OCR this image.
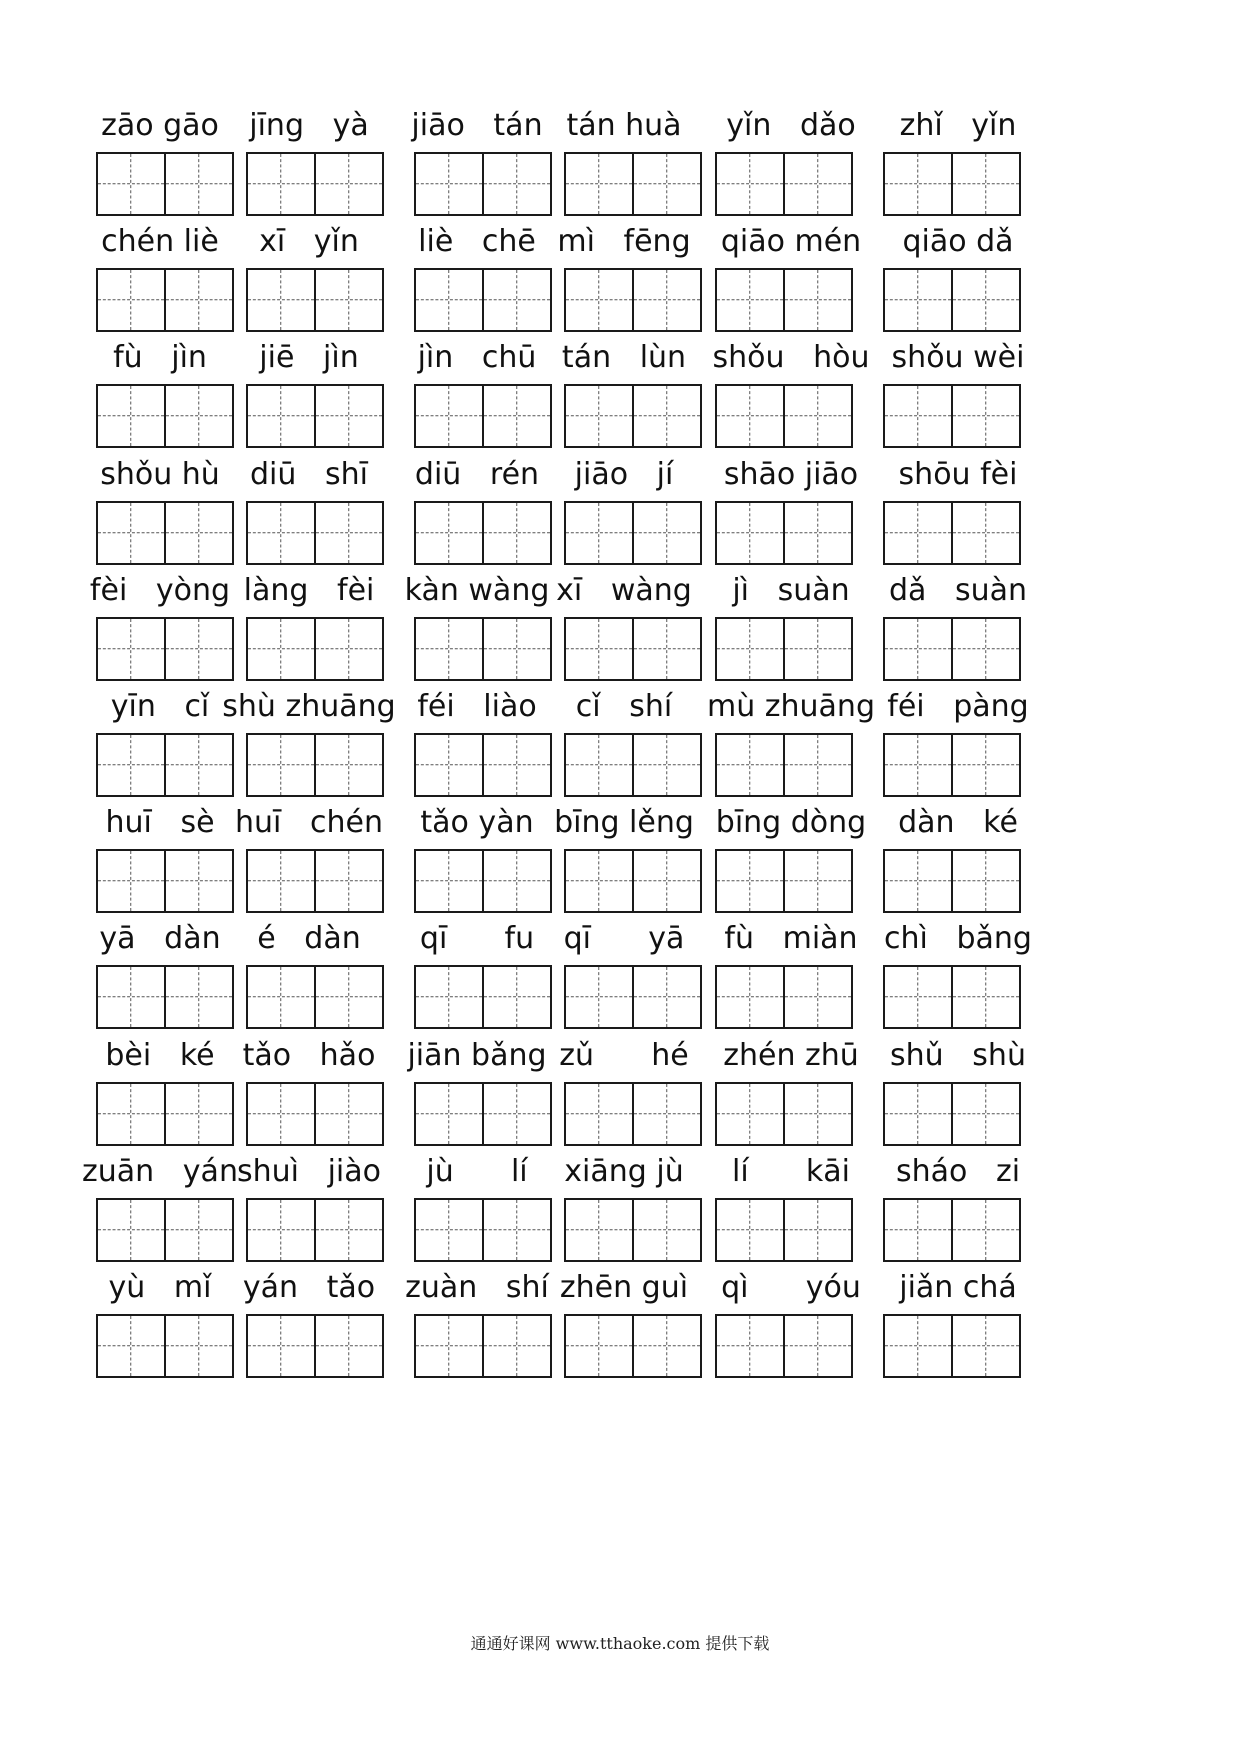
zāo gāo jīng   yà jiāo   tán tán huà yǐn   dǎo zhǐ   yǐn
chén liè xī   yǐn liè   chē mì   fēng qiāo mén qiāo dǎ
fù   jìn jiē   jìn jìn   chū tán   lùn shǒu   hòu shǒu wèi
shǒu hù diū   shī diū   rén jiāo   jí shāo jiāo shōu fèi
fèi   yòng làng   fèi kàn wàng xī   wàng jì   suàn dǎ   suàn
yīn   cǐ shù zhuāng féi   liào cǐ   shí mù zhuāng féi   pàng
huī   sè huī   chén tǎo yàn bīng lěng bīng dòng dàn   ké
yā   dàn é   dàn qī      fu qī      yā fù   miàn chì   bǎng
bèi   ké tǎo   hǎo jiān bǎng zǔ      hé zhén zhū shǔ   shù
zuān   yán shuì   jiào jù      lí xiāng jù lí      kāi sháo   zi
yù   mǐ yán   tǎo zuàn   shí zhēn guì qì      yóu jiǎn chá
通通好课网 www.tthaoke.com 提供下载
